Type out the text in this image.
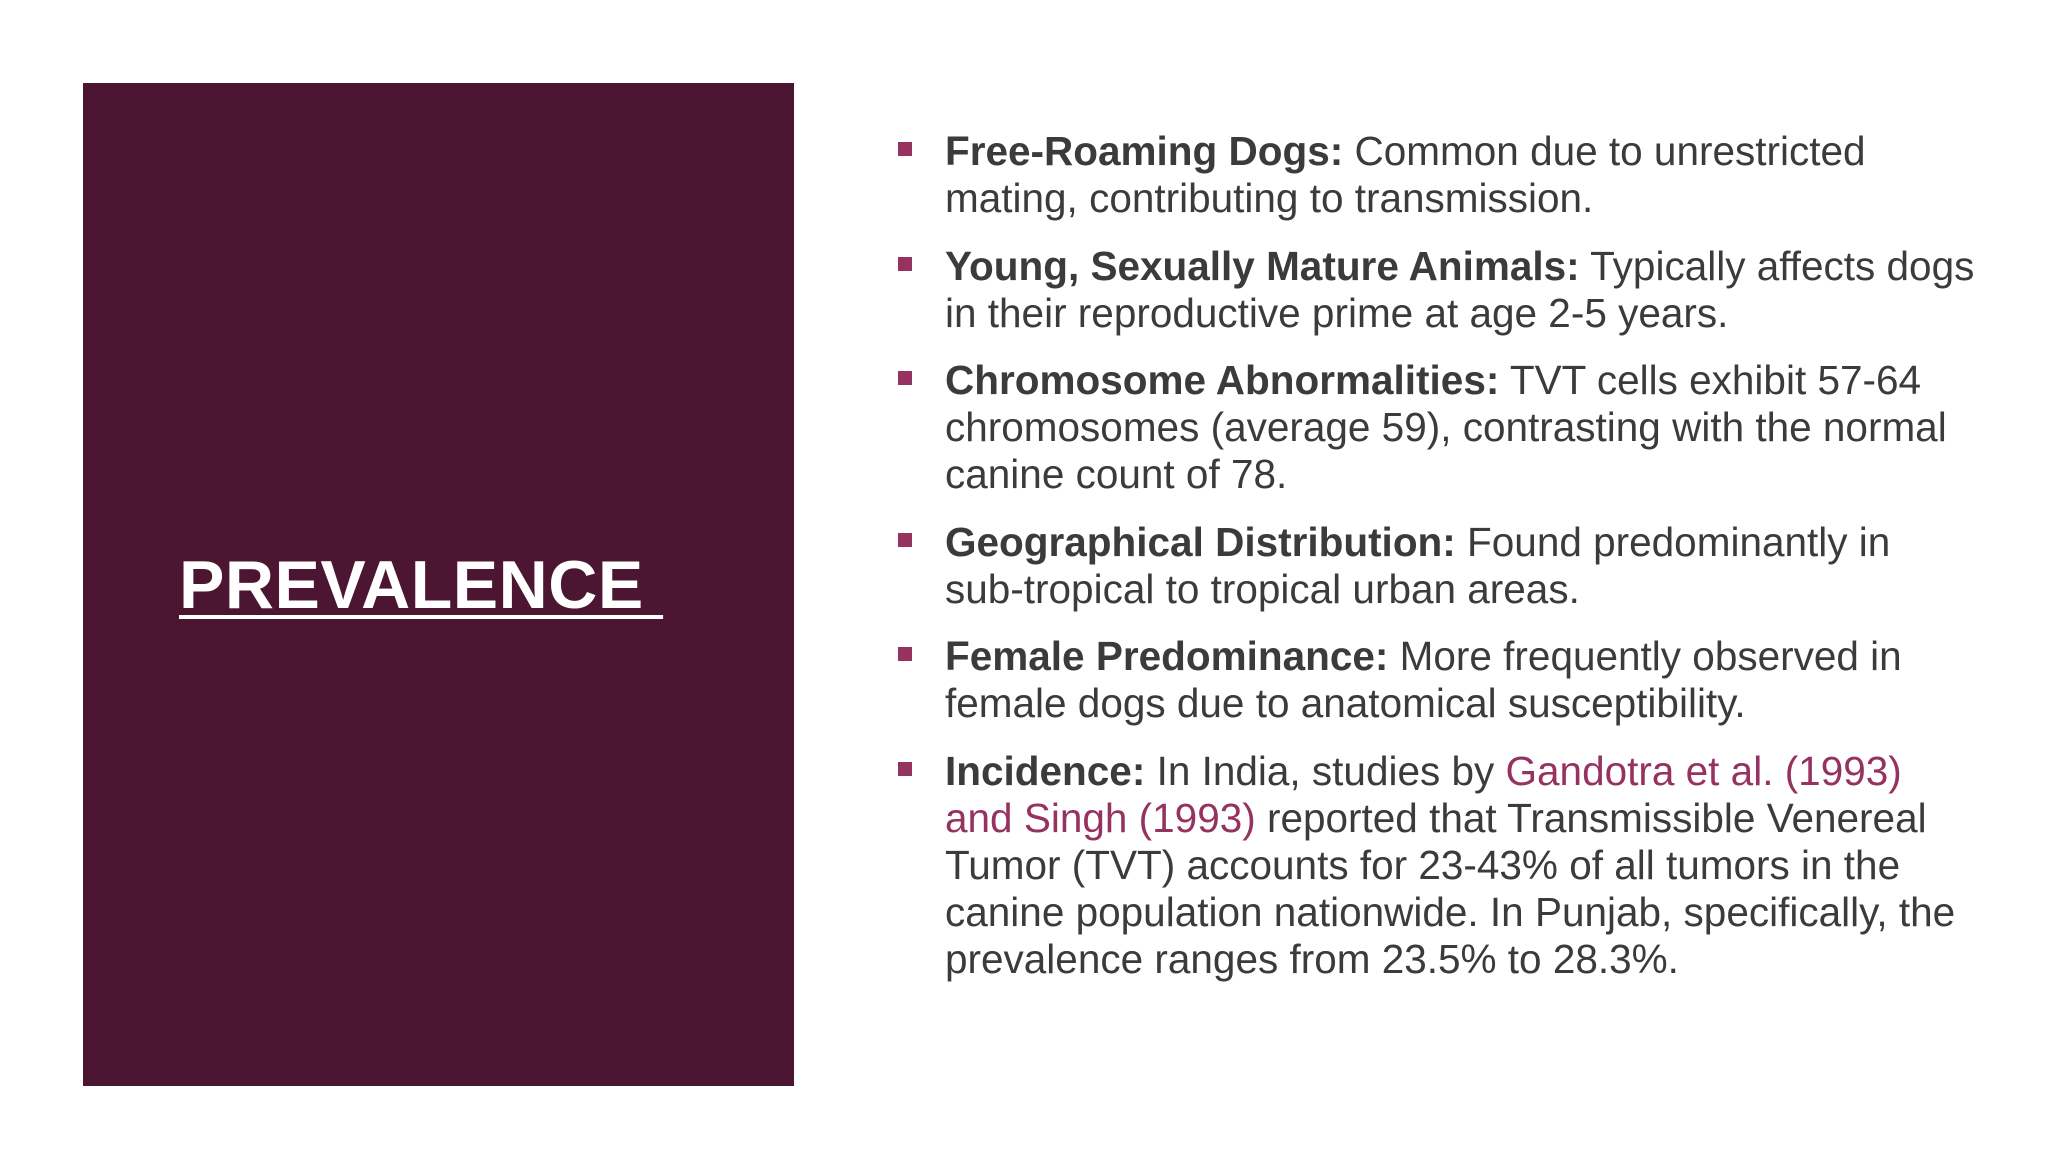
PREVALENCE
Free-Roaming Dogs: Common due to unrestricted mating, contributing to transmission.
Young, Sexually Mature Animals: Typically affects dogs in their reproductive prime at age 2-5 years.
Chromosome Abnormalities: TVT cells exhibit 57-64 chromosomes (average 59), contrasting with the normal canine count of 78.
Geographical Distribution: Found predominantly in sub-tropical to tropical urban areas.
Female Predominance: More frequently observed in female dogs due to anatomical susceptibility.
Incidence: In India, studies by Gandotra et al. (1993) and Singh (1993) reported that Transmissible Venereal Tumor (TVT) accounts for 23-43% of all tumors in the canine population nationwide. In Punjab, specifically, the prevalence ranges from 23.5% to 28.3%.
